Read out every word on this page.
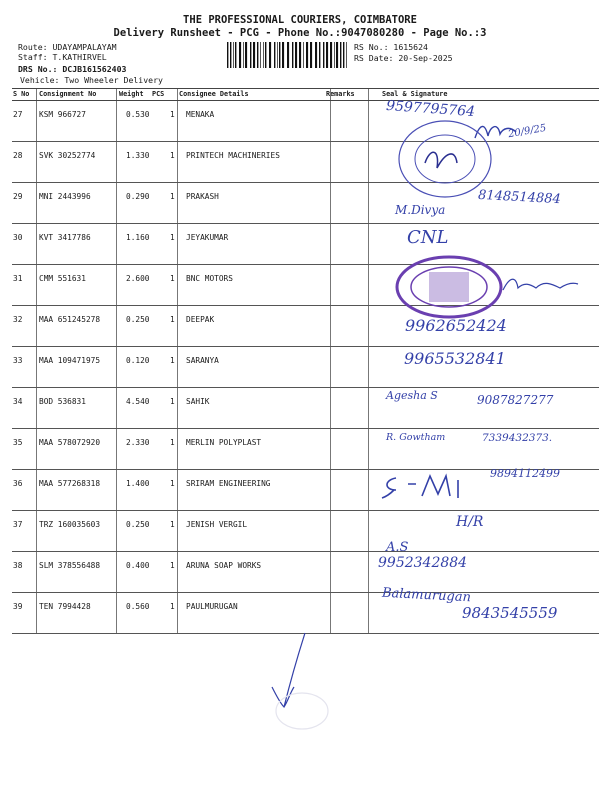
THE PROFESSIONAL COURIERS, COIMBATORE
Delivery Runsheet - PCG - Phone No.:9047080280 - Page No.:3
Route: UDAYAMPALAYAM
Staff: T.KATHIRVEL
DRS No.: DCJB161562403
Vehicle: Two Wheeler Delivery
RS No.: 1615624
RS Date: 20-Sep-2025
S No Consignment No	Weight PCS Consignee Details	Remarks	Seal & Signature
27 KSM 966727	0.530	1 MENAKA
28 SVK 30252774	1.330	1 PRINTECH MACHINERIES
29 MNI 2443996	0.290	1 PRAKASH
30 KVT 3417786	1.160	1 JEYAKUMAR
31 CMM 551631	2.600	1 BNC MOTORS
32 MAA 651245278	0.250	1 DEEPAK
33 MAA 109471975	0.120	1 SARANYA
34 BOD 536831	4.540	1 SAHIK
35 MAA 578072920	2.330	1 MERLIN POLYPLAST
36 MAA 577268318	1.400	1 SRIRAM ENGINEERING
37 TRZ 160035603	0.250	1 JENISH VERGIL
38 SLM 378556488	0.400	1 ARUNA SOAP WORKS
39 TEN 7994428	0.560	1 PAULMURUGAN
9597795764
20/9/25
8148514884
M.Divya
CNL
9962652424
9965532841
Agesha S	9087827277
R. Gowtham	7339432373.
9894112499
H/R
A.S
9952342884
Balamurugan
9843545559
